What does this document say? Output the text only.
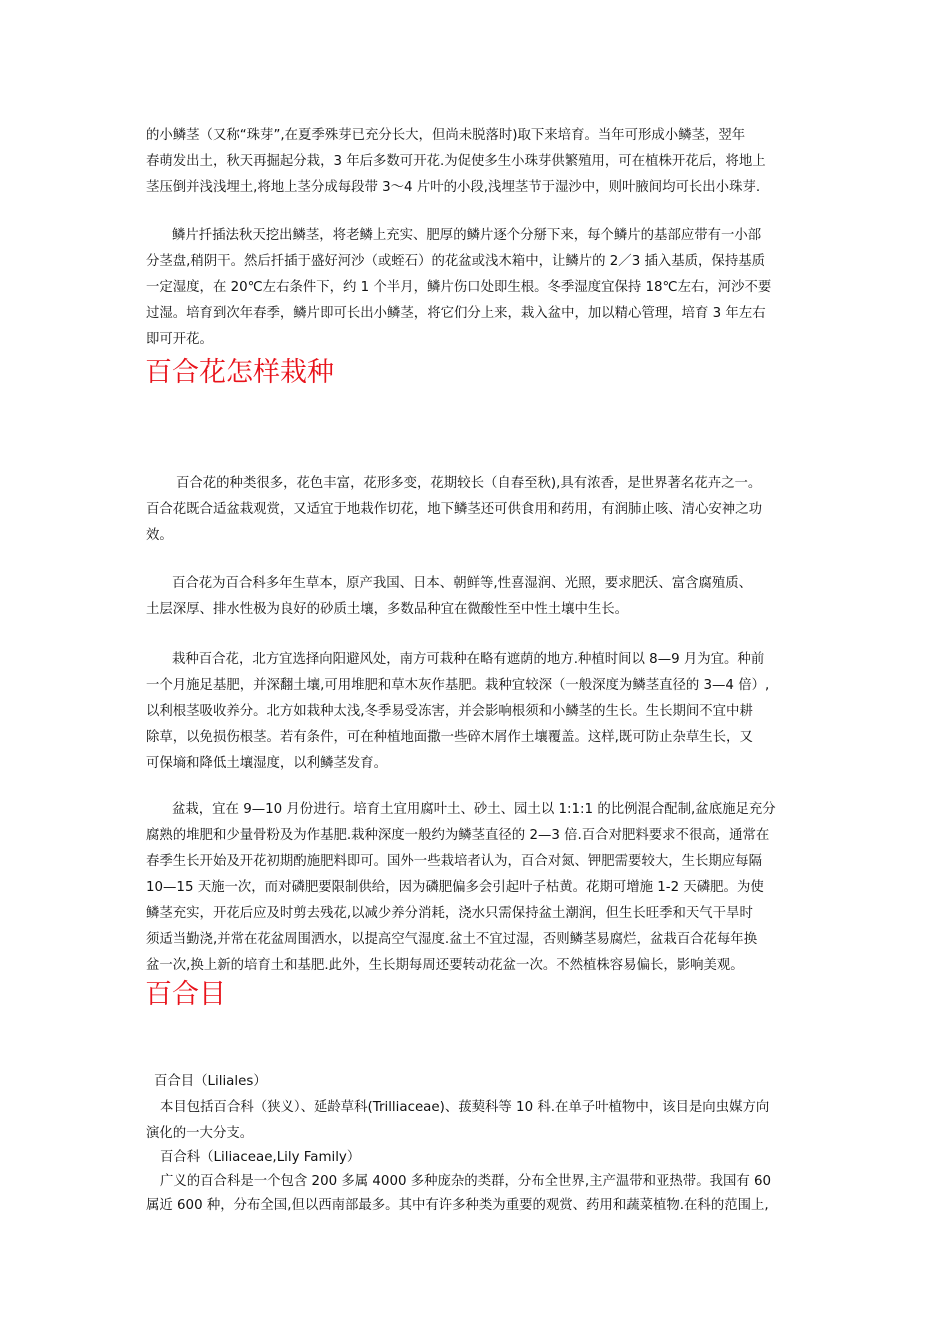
的小鳞茎（又称“珠芽”,在夏季殊芽已充分长大，但尚未脱落时)取下来培育。当年可形成小鳞茎，翌年
春萌发出土，秋天再掘起分栽，3 年后多数可开花.为促使多生小珠芽供繁殖用，可在植株开花后，将地上
茎压倒并浅浅埋土,将地上茎分成每段带 3～4 片叶的小段,浅埋茎节于湿沙中，则叶腋间均可长出小珠芽.
鳞片扦插法秋天挖出鳞茎，将老鳞上充实、肥厚的鳞片逐个分掰下来，每个鳞片的基部应带有一小部
分茎盘,稍阴干。然后扦插于盛好河沙（或蛭石）的花盆或浅木箱中，让鳞片的 2／3 插入基质，保持基质
一定湿度，在 20℃左右条件下，约 1 个半月，鳞片伤口处即生根。冬季湿度宜保持 18℃左右，河沙不要
过湿。培育到次年春季，鳞片即可长出小鳞茎，将它们分上来，栽入盆中，加以精心管理，培育 3 年左右
即可开花。
百合花怎样栽种
百合花的种类很多，花色丰富，花形多变，花期较长（自春至秋),具有浓香，是世界著名花卉之一。
百合花既合适盆栽观赏，又适宜于地栽作切花，地下鳞茎还可供食用和药用，有润肺止咳、清心安神之功
效。
百合花为百合科多年生草本，原产我国、日本、朝鲜等,性喜湿润、光照，要求肥沃、富含腐殖质、
土层深厚、排水性极为良好的砂质土壤，多数品种宜在微酸性至中性土壤中生长。
栽种百合花，北方宜选择向阳避风处，南方可栽种在略有遮荫的地方.种植时间以 8—9 月为宜。种前
一个月施足基肥，并深翻土壤,可用堆肥和草木灰作基肥。栽种宜较深（一般深度为鳞茎直径的 3—4 倍）,
以利根茎吸收养分。北方如栽种太浅,冬季易受冻害，并会影响根须和小鳞茎的生长。生长期间不宜中耕
除草，以免损伤根茎。若有条件，可在种植地面撒一些碎木屑作土壤覆盖。这样,既可防止杂草生长，又
可保墒和降低土壤湿度，以利鳞茎发育。
盆栽，宜在 9—10 月份进行。培育土宜用腐叶土、砂土、园土以 1:1:1 的比例混合配制,盆底施足充分
腐熟的堆肥和少量骨粉及为作基肥.栽种深度一般约为鳞茎直径的 2—3 倍.百合对肥料要求不很高，通常在
春季生长开始及开花初期酌施肥料即可。国外一些栽培者认为，百合对氮、钾肥需要较大，生长期应每隔
10—15 天施一次，而对磷肥要限制供给，因为磷肥偏多会引起叶子枯黄。花期可增施 1-2 天磷肥。为使
鳞茎充实，开花后应及时剪去残花,以减少养分消耗，浇水只需保持盆土潮润，但生长旺季和天气干旱时
须适当勤浇,并常在花盆周围洒水，以提高空气湿度.盆土不宜过湿，否则鳞茎易腐烂，盆栽百合花每年换
盆一次,换上新的培育土和基肥.此外，生长期每周还要转动花盆一次。不然植株容易偏长，影响美观。
百合目
百合目（Liliales）
本目包括百合科（狭义）、延龄草科(Trilliaceae)、菝葜科等 10 科.在单子叶植物中，该目是向虫媒方向
演化的一大分支。
百合科（Liliaceae,Lily Family）
广义的百合科是一个包含 200 多属 4000 多种庞杂的类群，分布全世界,主产温带和亚热带。我国有 60
属近 600 种，分布全国,但以西南部最多。其中有许多种类为重要的观赏、药用和蔬菜植物.在科的范围上,
